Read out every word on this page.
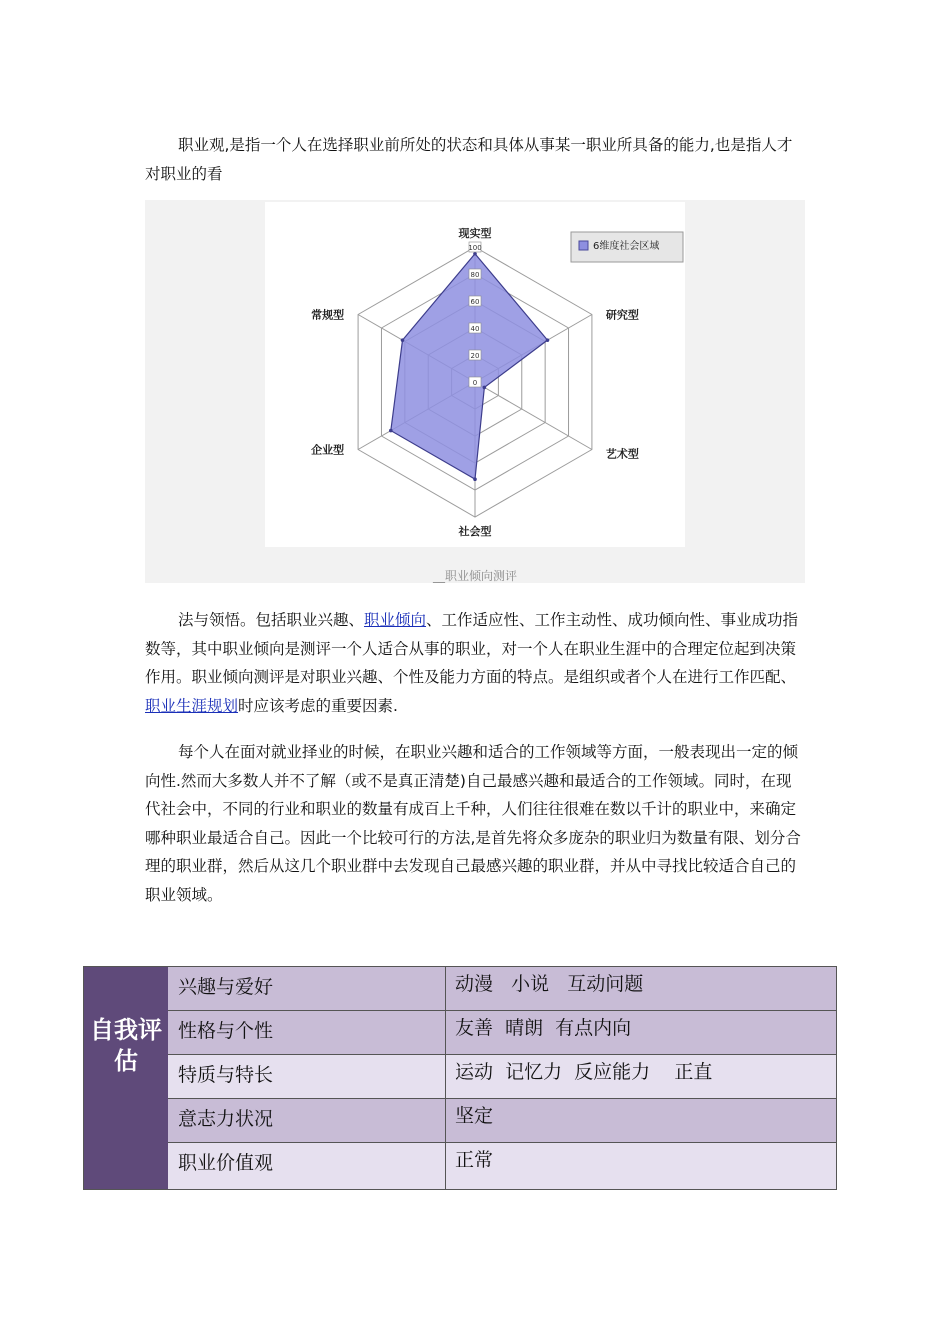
职业观,是指一个人在选择职业前所处的状态和具体从事某一职业所具备的能力,也是指人才对职业的看

0
20
40
60
80
100
现实型
研究型
艺术型
社会型
企业型
常规型
6维度社会区域
__职业倾向测评

法与领悟。包括职业兴趣、职业倾向、工作适应性、工作主动性、成功倾向性、事业成功指数等，其中职业倾向是测评一个人适合从事的职业，对一个人在职业生涯中的合理定位起到决策作用。职业倾向测评是对职业兴趣、个性及能力方面的特点。是组织或者个人在进行工作匹配、职业生涯规划时应该考虑的重要因素.

每个人在面对就业择业的时候，在职业兴趣和适合的工作领域等方面，一般表现出一定的倾向性.然而大多数人并不了解（或不是真正清楚)自己最感兴趣和最适合的工作领域。同时，在现代社会中，不同的行业和职业的数量有成百上千种，人们往往很难在数以千计的职业中，来确定哪种职业最适合自己。因此一个比较可行的方法,是首先将众多庞杂的职业归为数量有限、划分合理的职业群，然后从这几个职业群中去发现自己最感兴趣的职业群，并从中寻找比较适合自己的职业领域。

自我评估
兴趣与爱好	动漫   小说   互动问题
性格与个性	友善  晴朗  有点内向
特质与特长	运动  记忆力  反应能力    正直
意志力状况	坚定
职业价值观	正常
